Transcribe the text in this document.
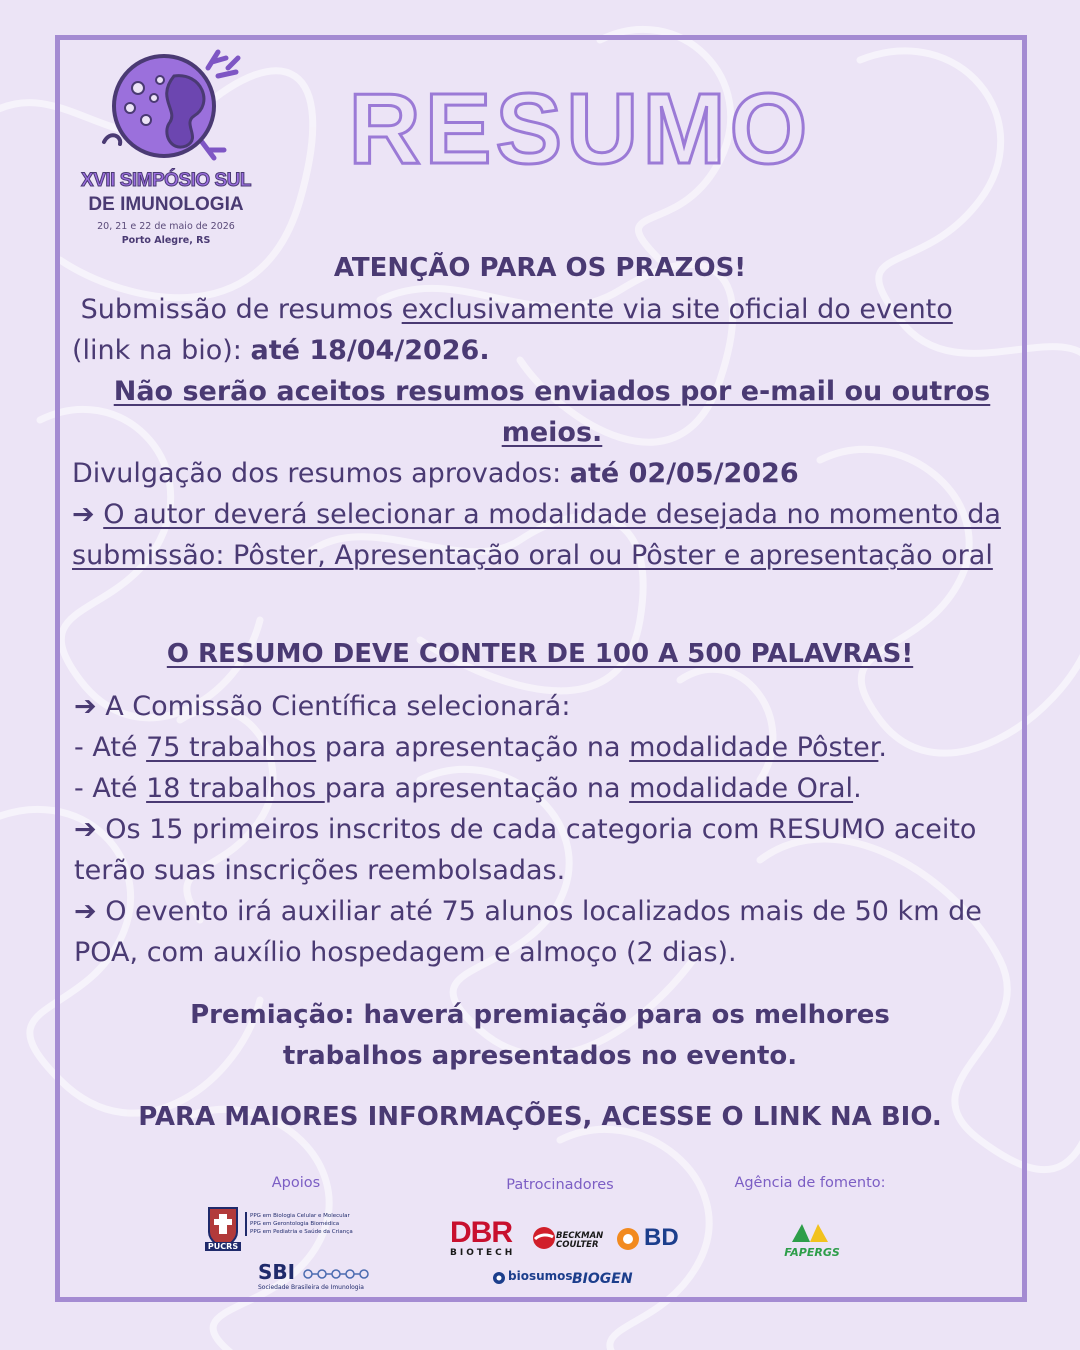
XVII SIMPÓSIO SUL
DE IMUNOLOGIA
20, 21 e 22 de maio de 2026
Porto Alegre, RS
RESUMO

ATENÇÃO PARA OS PRAZOS!

Submissão de resumos exclusivamente via site oficial do evento
(link na bio): até 18/04/2026.

Não serão aceitos resumos enviados por e-mail ou outros meios.

Divulgação dos resumos aprovados: até 02/05/2026

➔ O autor deverá selecionar a modalidade desejada no momento da submissão: Pôster, Apresentação oral ou Pôster e apresentação oral

O RESUMO DEVE CONTER DE 100 A 500 PALAVRAS!

➔ A Comissão Científica selecionará:
- Até 75 trabalhos para apresentação na modalidade Pôster.
- Até 18 trabalhos para apresentação na modalidade Oral.
➔ Os 15 primeiros inscritos de cada categoria com RESUMO aceito terão suas inscrições reembolsadas.
➔ O evento irá auxiliar até 75 alunos localizados mais de 50 km de POA, com auxílio hospedagem e almoço (2 dias).

Premiação: haverá premiação para os melhores trabalhos apresentados no evento.

PARA MAIORES INFORMAÇÕES, ACESSE O LINK NA BIO.

Apoios	Patrocinadores	Agência de fomento:
PUCRS
PPG em Biologia Celular e Molecular
PPG em Gerontologia Biomédica
PPG em Pediatria e Saúde da Criança
SBI
Sociedade Brasileira de Imunologia
DBR
BIOTECH
BECKMAN
COULTER BD
biosumos BIOGEN
FAPERGS
